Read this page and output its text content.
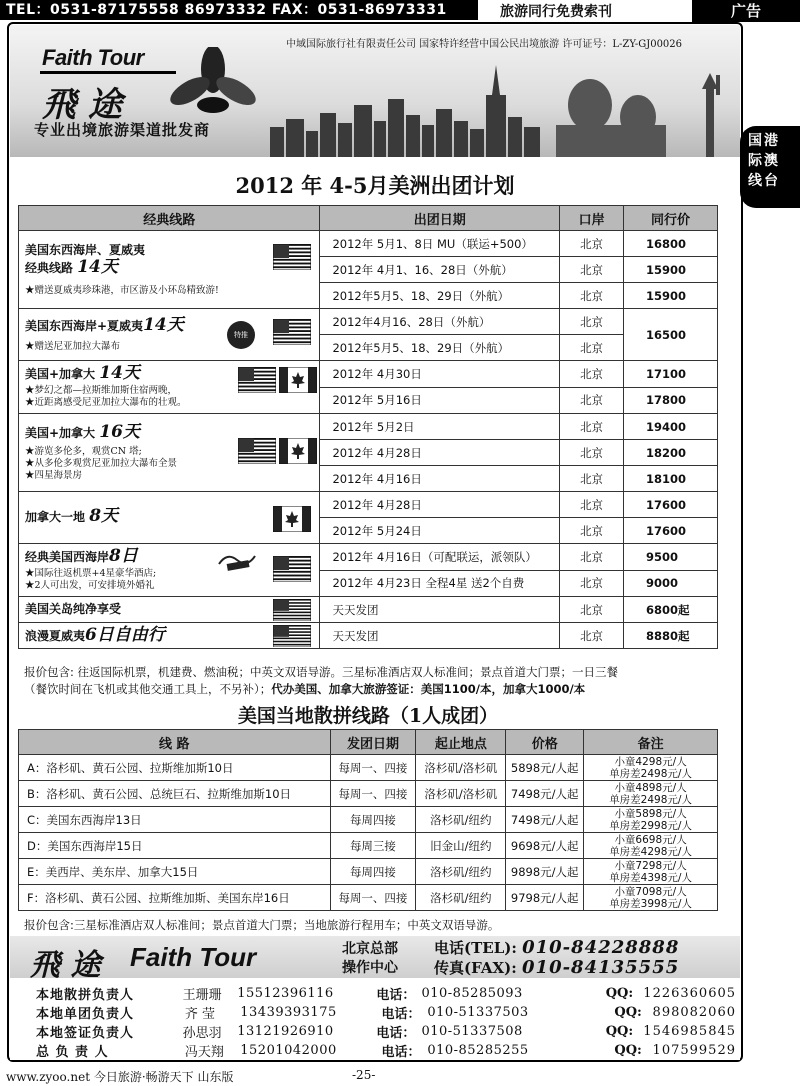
TEL：0531-87175558 86973332 FAX：0531-86973331	旅游同行免费索刊	广告
国港
际澳
线台
中域国际旅行社有限责任公司 国家特许经营中国公民出境旅游 许可证号：L-ZY-GJ00026
Faith Tour
飛 途
专业出境旅游渠道批发商
2012 年 4-5月美洲出团计划
经典线路	出团日期	口岸	同行价

美国东西海岸、夏威夷
经典线路 14天
★赠送夏威夷珍珠港，市区游及小环岛精致游!	2012年 5月1、8日 MU（联运+500）	北京	16800
	2012年 4月1、16、28日（外航）	北京	15900
	2012年5月5、18、29日（外航）	北京	15900

美国东西海岸+夏威夷14天
★赠送尼亚加拉大瀑布
特推	2012年4月16、28日（外航）	北京	16500
	2012年5月5、18、29日（外航）	北京	

美国+加拿大 14天
★梦幻之都—拉斯维加斯住宿两晚，
★近距离感受尼亚加拉大瀑布的壮观。	2012年 4月30日	北京	17100
	2012年 5月16日	北京	17800

美国+加拿大 16天
★游览多伦多，观赏CN 塔;
★从多伦多观赏尼亚加拉大瀑布全景
★四星海景房	2012年 5月2日	北京	19400
	2012年 4月28日	北京	18200
	2012年 4月16日	北京	18100

加拿大一地 8天	2012年 4月28日	北京	17600
	2012年 5月24日	北京	17600

经典美国西海岸8日
★国际往返机票+4星豪华酒店;
★2人可出发，可安排境外婚礼	2012年 4月16日（可配联运，派领队）	北京	9500
	2012年 4月23日 全程4星 送2个自费	北京	9000

美国关岛纯净享受	天天发团	北京	6800起

浪漫夏威夷6日自由行	天天发团	北京	8880起
报价包含: 往返国际机票，机建费、燃油税；中英文双语导游。三星标准酒店双人标准间；景点首道大门票；一日三餐
（餐饮时间在飞机或其他交通工具上，不另补）；代办美国、加拿大旅游签证：美国1100/本，加拿大1000/本
美国当地散拼线路（1人成团）
线 路	发团日期	起止地点	价格	备注
A：洛杉矶、黄石公园、拉斯维加斯10日	每周一、四接	洛杉矶/洛杉矶	5898元/人起	小童4298元/人
单房差2498元/人

B：洛杉矶、黄石公园、总统巨石、拉斯维加斯10日	每周一、四接	洛杉矶/洛杉矶	7498元/人起	小童4898元/人
单房差2498元/人

C：美国东西海岸13日	每周四接	洛杉矶/纽约	7498元/人起	小童5898元/人
单房差2998元/人

D：美国东西海岸15日	每周三接	旧金山/纽约	9698元/人起	小童6698元/人
单房差4298元/人

E：美西岸、美东岸、加拿大15日	每周四接	洛杉矶/纽约	9898元/人起	小童7298元/人
单房差4398元/人

F：洛杉矶、黄石公园、拉斯维加斯、美国东岸16日	每周一、四接	洛杉矶/纽约	9798元/人起	小童7098元/人
单房差3998元/人
报价包含:三星标准酒店双人标准间；景点首道大门票；当地旅游行程用车；中英文双语导游。
飛 途 Faith Tour	北京总部
操作中心
电话(TEL): 010-84228888
传真(FAX): 010-84135555
本地散拼负责人	王珊珊	15512396116	电话： 010-85285093	QQ: 1226360605
本地单团负责人	齐 莹	13439393175	电话： 010-51337503	QQ: 898082060
本地签证负责人	孙思羽	13121926910	电话： 010-51337508	QQ: 1546985845
总 负 责 人	冯天翔	15201042000	电话： 010-85285255	QQ: 107599529
www.zyoo.net 今日旅游·畅游天下 山东版	-25-
